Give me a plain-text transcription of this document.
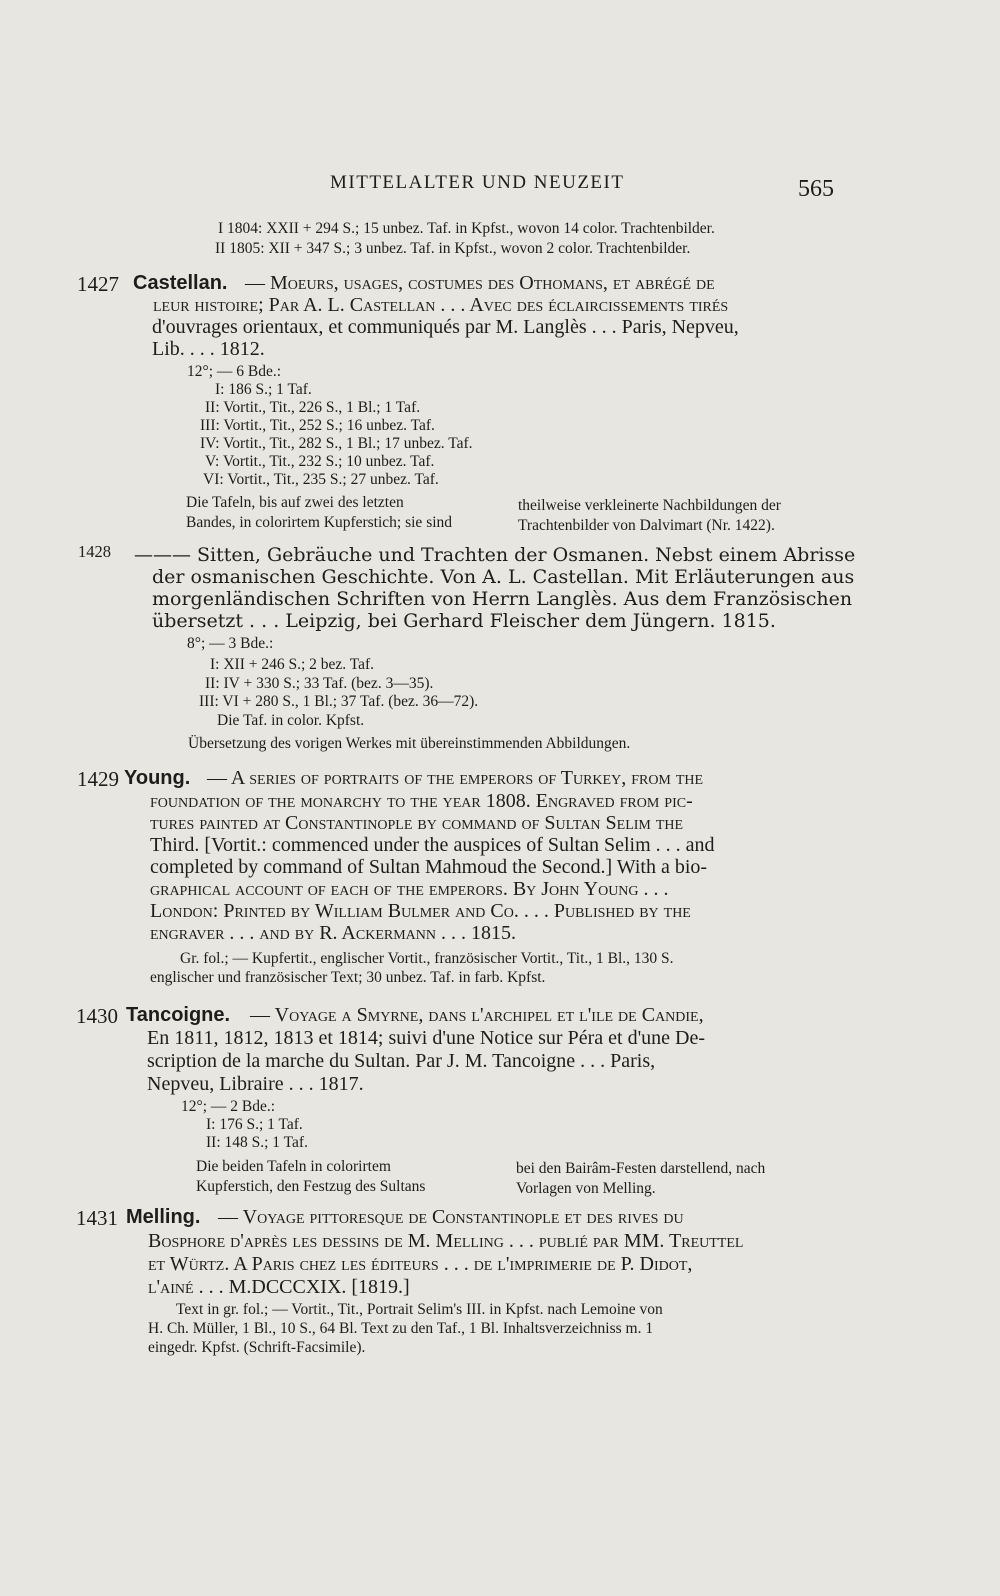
MITTELALTER UND NEUZEIT	565
I 1804: XXII + 294 S.; 15 unbez. Taf. in Kpfst., wovon 14 color. Trachtenbilder.
II 1805: XII + 347 S.; 3 unbez. Taf. in Kpfst., wovon 2 color. Trachtenbilder.
1427 Castellan. — Moeurs, usages, costumes des Othomans, et abrégé de
leur histoire; Par A. L. Castellan . . . Avec des éclaircissements tirés
d'ouvrages orientaux, et communiqués par M. Langlès . . . Paris, Nepveu,
Lib. . . . 1812.
12°; — 6 Bde.:
I: 186 S.; 1 Taf.
II: Vortit., Tit., 226 S., 1 Bl.; 1 Taf.
III: Vortit., Tit., 252 S.; 16 unbez. Taf.
IV: Vortit., Tit., 282 S., 1 Bl.; 17 unbez. Taf.
V: Vortit., Tit., 232 S.; 10 unbez. Taf.
VI: Vortit., Tit., 235 S.; 27 unbez. Taf.
Die Tafeln, bis auf zwei des letzten
Bandes, in colorirtem Kupferstich; sie sind
theilweise verkleinerte Nachbildungen der
Trachtenbilder von Dalvimart (Nr. 1422).
1428 ——— Sitten, Gebräuche und Trachten der Osmanen. Nebst einem Abrisse
der osmanischen Geschichte. Von A. L. Castellan. Mit Erläuterungen aus
morgenländischen Schriften von Herrn Langlès. Aus dem Französischen
übersetzt . . . Leipzig, bei Gerhard Fleischer dem Jüngern. 1815.
8°; — 3 Bde.:
I: XII + 246 S.; 2 bez. Taf.
II: IV + 330 S.; 33 Taf. (bez. 3—35).
III: VI + 280 S., 1 Bl.; 37 Taf. (bez. 36—72).
Die Taf. in color. Kpfst.
Übersetzung des vorigen Werkes mit übereinstimmenden Abbildungen.
1429 Young. — A series of portraits of the emperors of Turkey, from the
foundation of the monarchy to the year 1808. Engraved from pic-
tures painted at Constantinople by command of Sultan Selim the
Third. [Vortit.: commenced under the auspices of Sultan Selim . . . and
completed by command of Sultan Mahmoud the Second.] With a bio-
graphical account of each of the emperors. By John Young . . .
London: Printed by William Bulmer and Co. . . . Published by the
engraver . . . and by R. Ackermann . . . 1815.
Gr. fol.; — Kupfertit., englischer Vortit., französischer Vortit., Tit., 1 Bl., 130 S.
englischer und französischer Text; 30 unbez. Taf. in farb. Kpfst.
1430 Tancoigne. — Voyage a Smyrne, dans l'archipel et l'ile de Candie,
En 1811, 1812, 1813 et 1814; suivi d'une Notice sur Péra et d'une De-
scription de la marche du Sultan. Par J. M. Tancoigne . . . Paris,
Nepveu, Libraire . . . 1817.
12°; — 2 Bde.:
I: 176 S.; 1 Taf.
II: 148 S.; 1 Taf.
Die beiden Tafeln in colorirtem
Kupferstich, den Festzug des Sultans
bei den Bairâm-Festen darstellend, nach
Vorlagen von Melling.
1431 Melling. — Voyage pittoresque de Constantinople et des rives du
Bosphore d'après les dessins de M. Melling . . . publié par MM. Treuttel
et Würtz. A Paris chez les éditeurs . . . de l'imprimerie de P. Didot,
l'ainé . . . M.DCCCXIX. [1819.]
Text in gr. fol.; — Vortit., Tit., Portrait Selim's III. in Kpfst. nach Lemoine von
H. Ch. Müller, 1 Bl., 10 S., 64 Bl. Text zu den Taf., 1 Bl. Inhaltsverzeichniss m. 1
eingedr. Kpfst. (Schrift-Facsimile).
